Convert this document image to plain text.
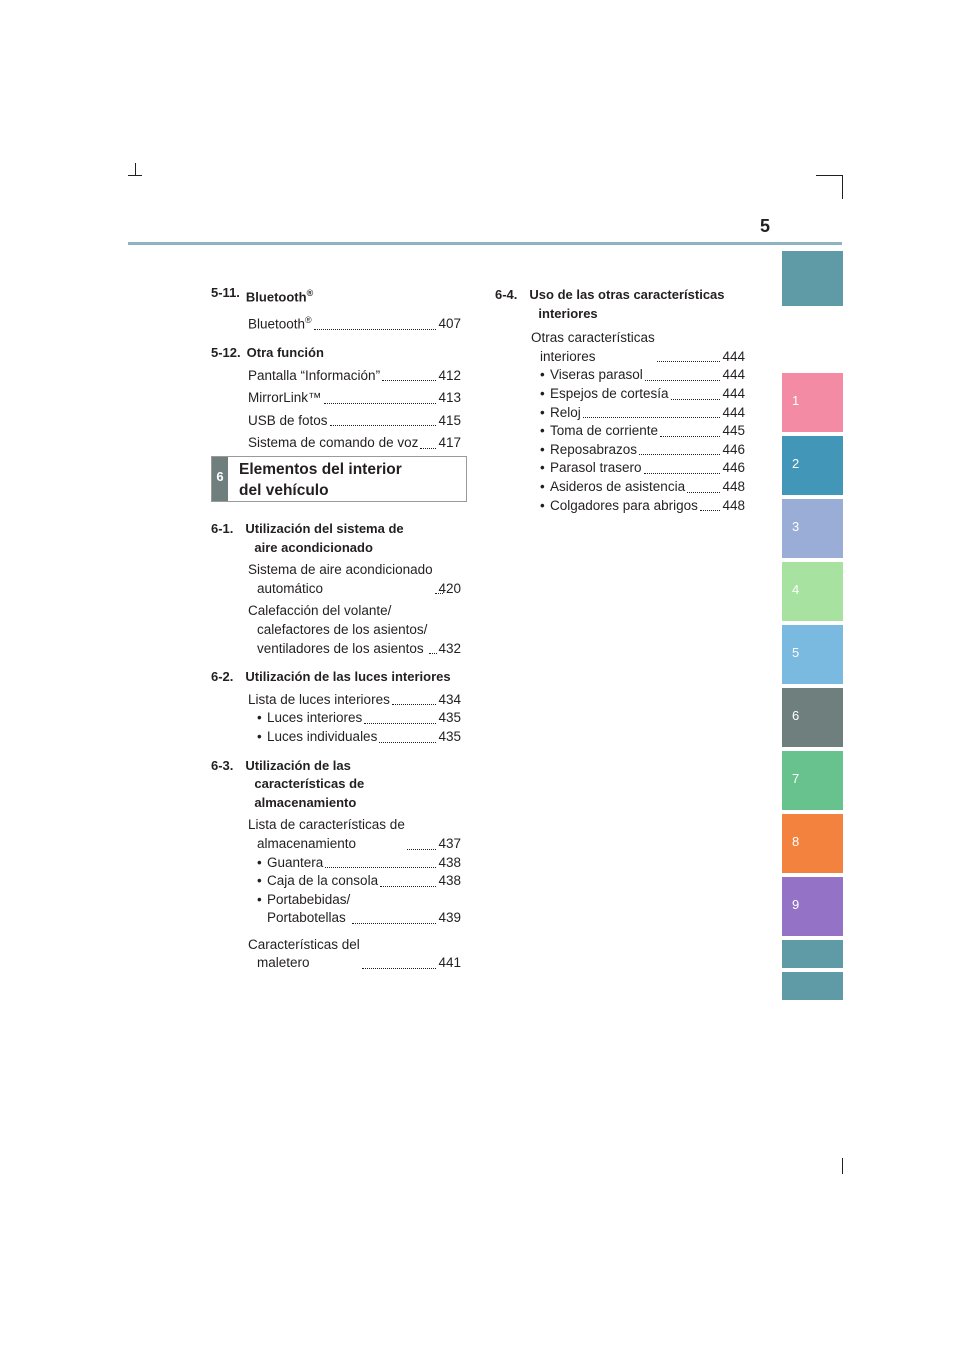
5
1
2
3
4
5
6
7
8
9
5-11. Bluetooth®
Bluetooth®	407
5-12. Otra función
Pantalla “Información”	412
MirrorLink™	413
USB de fotos	415
Sistema de comando de voz 417
6 Elementos del interior
del vehículo
6-1. Utilización del sistema de
aire acondicionado
Sistema de aire acondicionado
automático	420
Calefacción del volante/
calefactores de los asientos/
ventiladores de los asientos 432
6-2. Utilización de las luces interiores
Lista de luces interiores	434
• Luces interiores	435
• Luces individuales	435
6-3. Utilización de las
características de
almacenamiento
Lista de características de
almacenamiento	437
• Guantera	438
• Caja de la consola	438
• Portabebidas/
Portabotellas	439
Características del
maletero	441
6-4. Uso de las otras características
interiores
Otras características
interiores	444
• Viseras parasol	444
• Espejos de cortesía	444
• Reloj	444
• Toma de corriente	445
• Reposabrazos	446
• Parasol trasero	446
• Asideros de asistencia	448
• Colgadores para abrigos 448
